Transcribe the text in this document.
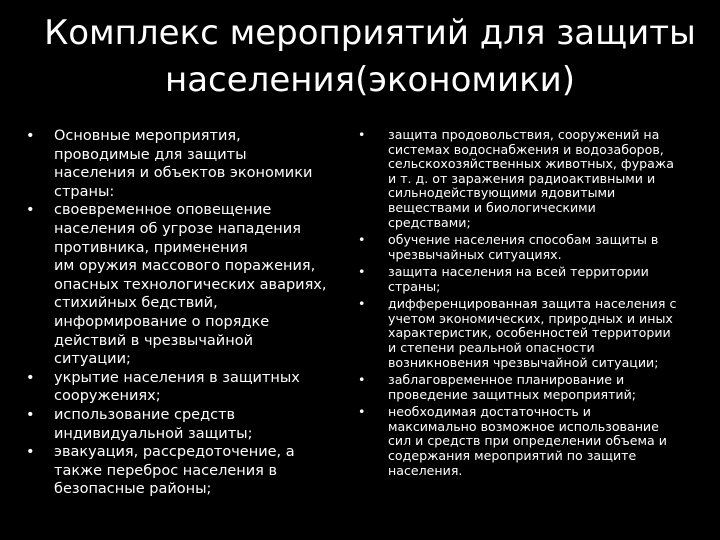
Комплекс мероприятий для защиты
населения(экономики)
•	Основные мероприятия,
проводимые для защиты
населения и объектов экономики
страны:
•	своевременное оповещение
населения об угрозе нападения
противника, применения
им оружия массового поражения,
опасных технологических авариях,
стихийных бедствий,
информирование о порядке
действий в чрезвычайной
ситуации;
•	укрытие населения в защитных
сооружениях;
•	использование средств
индивидуальной защиты;
•	эвакуация, рассредоточение, а
также переброс населения в
безопасные районы;
•	защита продовольствия, сооружений на
системах водоснабжения и водозаборов,
сельскохозяйственных животных, фуража
и т. д. от заражения радиоактивными и
сильнодействующими ядовитыми
веществами и биологическими
средствами;
•	обучение населения способам защиты в
чрезвычайных ситуациях.
•	защита населения на всей территории
страны;
•	дифференцированная защита населения с
учетом экономических, природных и иных
характеристик, особенностей территории
и степени реальной опасности
возникновения чрезвычайной ситуации;
•	заблаговременное планирование и
проведение защитных мероприятий;
•	необходимая достаточность и
максимально возможное использование
сил и средств при определении объема и
содержания мероприятий по защите
населения.
